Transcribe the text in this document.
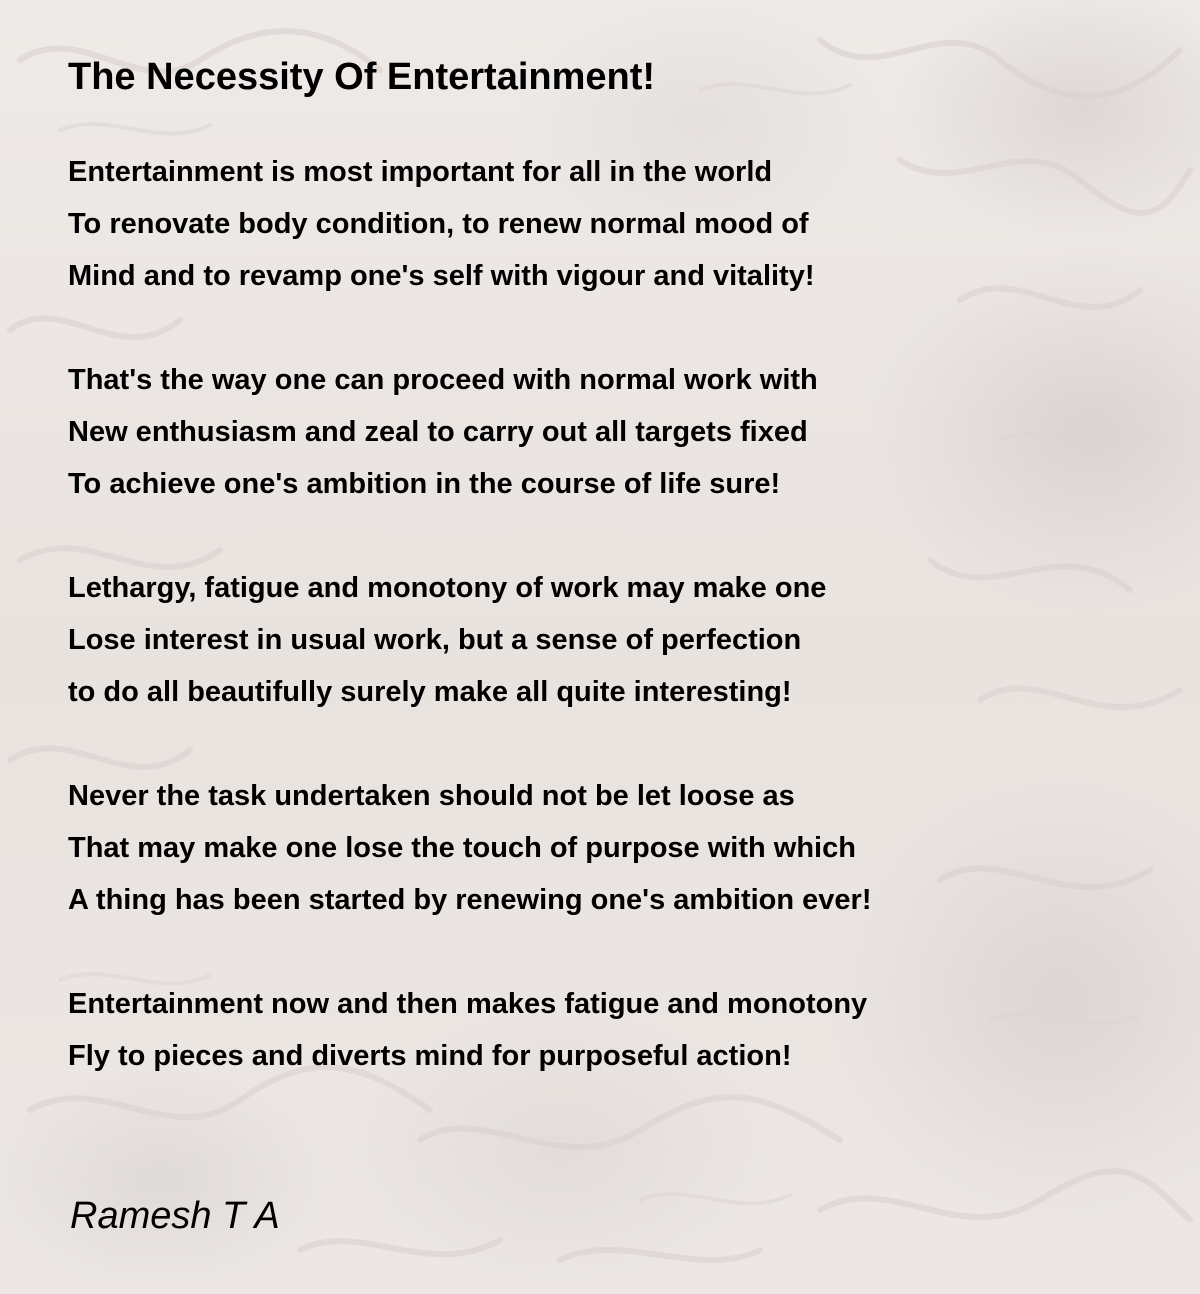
The Necessity Of Entertainment!
Entertainment is most important for all in the world
To renovate body condition, to renew normal mood of
Mind and to revamp one's self with vigour and vitality!
That's the way one can proceed with normal work with
New enthusiasm and zeal to carry out all targets fixed
To achieve one's ambition in the course of life sure!
Lethargy, fatigue and monotony of work may make one
Lose interest in usual work, but a sense of perfection
to do all beautifully surely make all quite interesting!
Never the task undertaken should not be let loose as
That may make one lose the touch of purpose with which
A thing has been started by renewing one's ambition ever!
Entertainment now and then makes fatigue and monotony
Fly to pieces and diverts mind for purposeful action!
Ramesh T A
